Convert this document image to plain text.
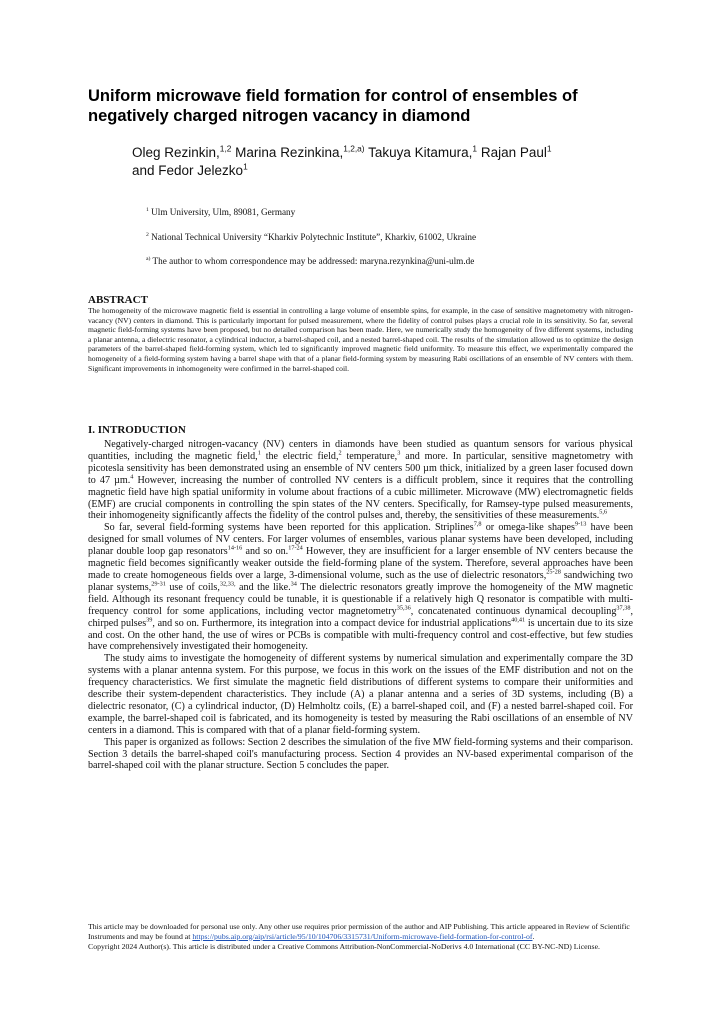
Uniform microwave field formation for control of ensembles of negatively charged nitrogen vacancy in diamond
Oleg Rezinkin,$^{1,2}$ Marina Rezinkina,$^{1,2,a)}$ Takuya Kitamura,$^1$ Rajan Paul$^1$
and Fedor Jelezko$^1$
$^1$ Ulm University, Ulm, 89081, Germany
$^2$ National Technical University “Kharkiv Polytechnic Institute”, Kharkiv, 61002, Ukraine
$^{a)}$ The author to whom correspondence may be addressed: maryna.rezynkina@uni-ulm.de
ABSTRACT

The homogeneity of the microwave magnetic field is essential in controlling a large volume of ensemble spins, for example, in the case of sensitive magnetometry with nitrogen-vacancy (NV) centers in diamond. This is particularly important for pulsed measurement, where the fidelity of control pulses plays a crucial role in its sensitivity. So far, several magnetic field-forming systems have been proposed, but no detailed comparison has been made. Here, we numerically study the homogeneity of five different systems, including a planar antenna, a dielectric resonator, a cylindrical inductor, a barrel-shaped coil, and a nested barrel-shaped coil. The results of the simulation allowed us to optimize the design parameters of the barrel-shaped field-forming system, which led to significantly improved magnetic field uniformity. To measure this effect, we experimentally compared the homogeneity of a field-forming system having a barrel shape with that of a planar field-forming system by measuring Rabi oscillations of an ensemble of NV centers with them. Significant improvements in inhomogeneity were confirmed in the barrel-shaped coil.

I. INTRODUCTION

Negatively-charged nitrogen-vacancy (NV) centers in diamonds have been studied as quantum sensors for various physical quantities, including the magnetic field,$^1$ the electric field,$^2$ temperature,$^3$ and more. In particular, sensitive magnetometry with picotesla sensitivity has been demonstrated using an ensemble of NV centers 500 µm thick, initialized by a green laser focused down to 47 µm.$^4$ However, increasing the number of controlled NV centers is a difficult problem, since it requires that the controlling magnetic field have high spatial uniformity in volume about fractions of a cubic millimeter. Microwave (MW) electromagnetic fields (EMF) are crucial components in controlling the spin states of the NV centers. Specifically, for Ramsey-type pulsed measurements, their inhomogeneity significantly affects the fidelity of the control pulses and, thereby, the sensitivities of these measurements.$^{5,6}$

So far, several field-forming systems have been reported for this application. Striplines$^{7,8}$ or omega-like shapes$^{9-13}$ have been designed for small volumes of NV centers. For larger volumes of ensembles, various planar systems have been developed, including planar double loop gap resonators$^{14-16}$ and so on.$^{17-24}$ However, they are insufficient for a larger ensemble of NV centers because the magnetic field becomes significantly weaker outside the field-forming plane of the system. Therefore, several approaches have been made to create homogeneous fields over a large, 3-dimensional volume, such as the use of dielectric resonators,$^{25-28}$ sandwiching two planar systems,$^{29-31}$ use of coils,$^{32,33,}$ and the like.$^{34}$ The dielectric resonators greatly improve the homogeneity of the MW magnetic field. Although its resonant frequency could be tunable, it is questionable if a relatively high Q resonator is compatible with multi-frequency control for some applications, including vector magnetometry$^{35,36}$, concatenated continuous dynamical decoupling$^{37,38}$, chirped pulses$^{39}$, and so on. Furthermore, its integration into a compact device for industrial applications$^{40,41}$ is uncertain due to its size and cost. On the other hand, the use of wires or PCBs is compatible with multi-frequency control and cost-effective, but few studies have comprehensively investigated their homogeneity.

The study aims to investigate the homogeneity of different systems by numerical simulation and experimentally compare the 3D systems with a planar antenna system. For this purpose, we focus in this work on the issues of the EMF distribution and not on the frequency characteristics. We first simulate the magnetic field distributions of different systems to compare their uniformities and describe their system-dependent characteristics. They include (A) a planar antenna and a series of 3D systems, including (B) a dielectric resonator, (C) a cylindrical inductor, (D) Helmholtz coils, (E) a barrel-shaped coil, and (F) a nested barrel-shaped coil. For example, the barrel-shaped coil is fabricated, and its homogeneity is tested by measuring the Rabi oscillations of an ensemble of NV centers in a diamond. This is compared with that of a planar field-forming system.

This paper is organized as follows: Section 2 describes the simulation of the five MW field-forming systems and their comparison. Section 3 details the barrel-shaped coil's manufacturing process. Section 4 provides an NV-based experimental comparison of the barrel-shaped coil with the planar structure. Section 5 concludes the paper.

This article may be downloaded for personal use only. Any other use requires prior permission of the author and AIP Publishing. This article appeared in Review of Scientific Instruments and may be found at https://pubs.aip.org/aip/rsi/article/95/10/104706/3315731/Uniform-microwave-field-formation-for-control-of.
Copyright 2024 Author(s). This article is distributed under a Creative Commons Attribution-NonCommercial-NoDerivs 4.0 International (CC BY-NC-ND) License.
